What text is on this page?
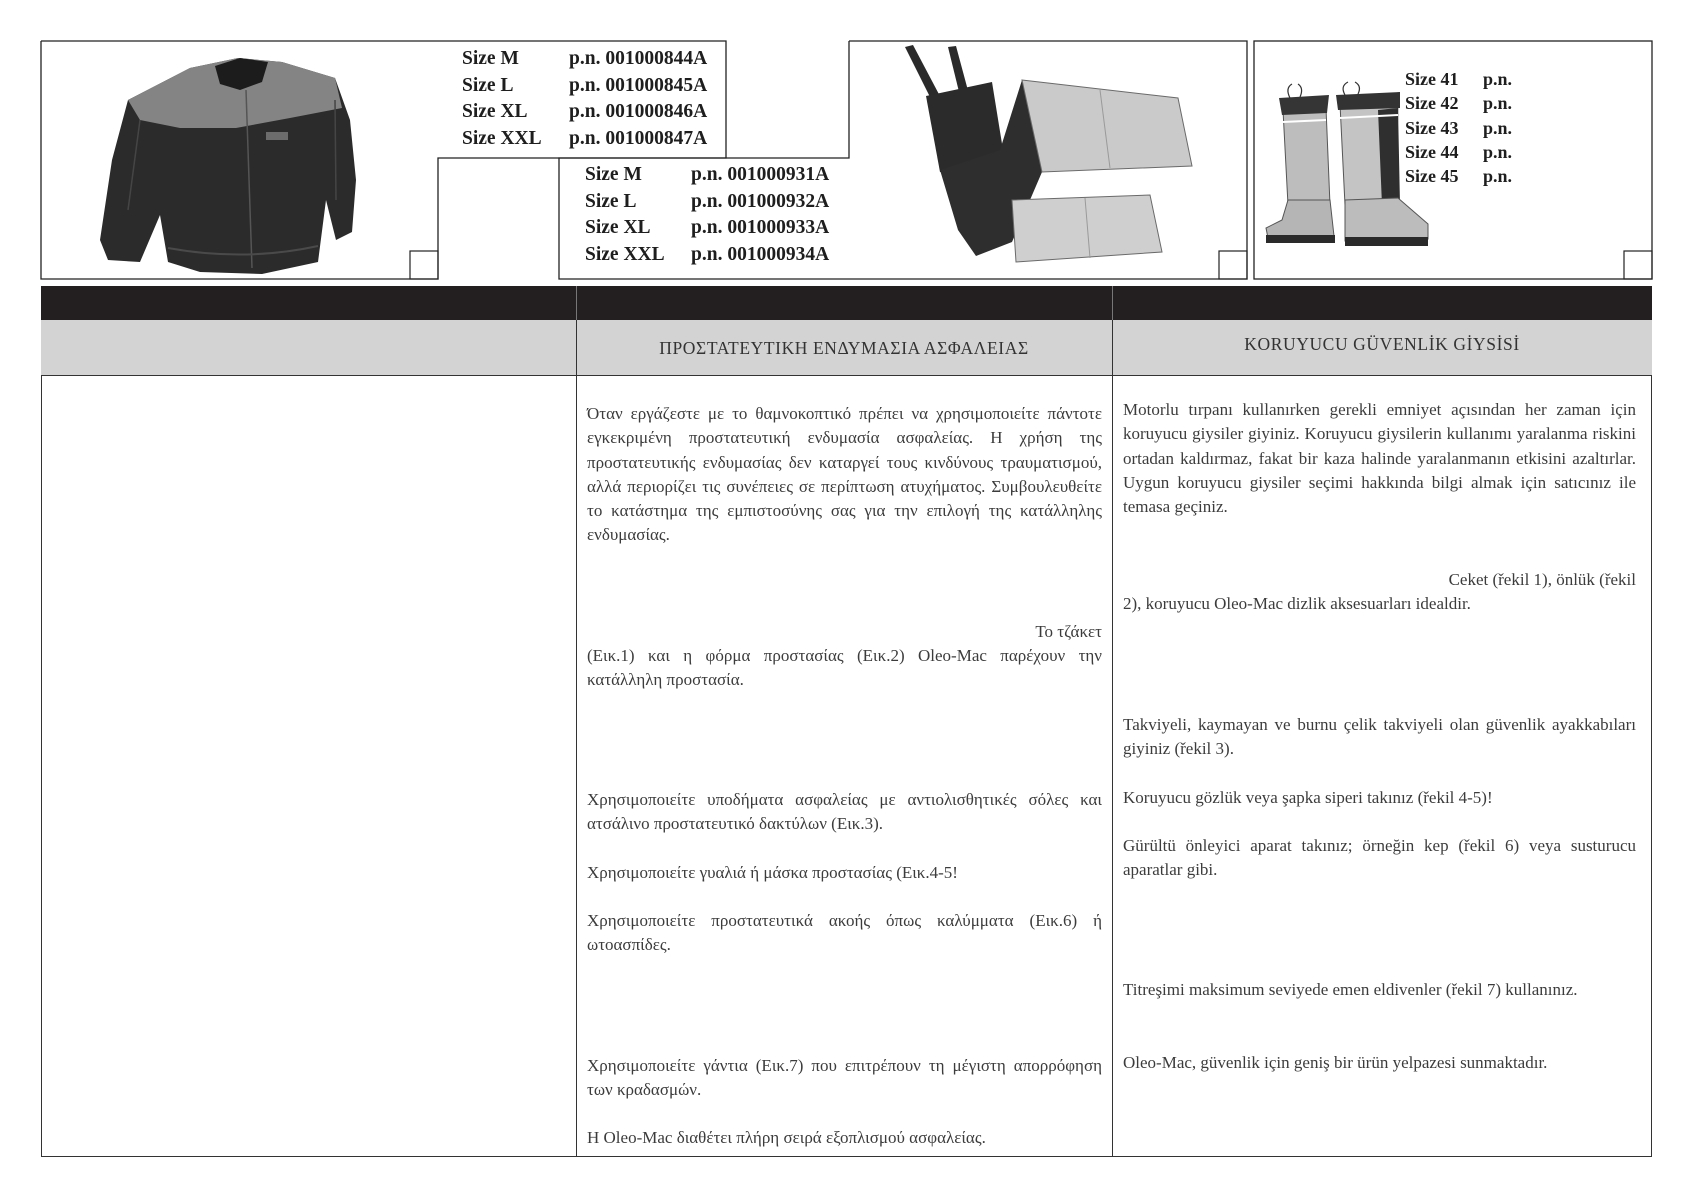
Size M	p.n. 001000844A
Size L	p.n. 001000845A
Size XL	p.n. 001000846A
Size XXL	p.n. 001000847A
Size M	p.n. 001000931A
Size L	p.n. 001000932A
Size XL	p.n. 001000933A
Size XXL	p.n. 001000934A
Size 41	p.n.
Size 42	p.n.
Size 43	p.n.
Size 44	p.n.
Size 45	p.n.
ΠΡΟΣΤΑΤΕΥΤΙΚΗ ΕΝΔΥΜΑΣΙΑ ΑΣΦΑΛΕΙΑΣ	KORUYUCU GÜVENLİK GİYSİSİ
Όταν εργάζεστε με το θαμνοκοπτικό πρέπει να χρησιμοποιείτε πάντοτε εγκεκριμένη προστατευτική ενδυμασία ασφαλείας. Η χρήση της προστατευτικής ενδυμασίας δεν καταργεί τους κινδύνους τραυματισμού, αλλά περιορίζει τις συνέπειες σε περίπτωση ατυχήματος. Συμβουλευθείτε το κατάστημα της εμπιστοσύνης σας για την επιλογή της κατάλληλης ενδυμασίας.
Το τζάκετ
(Εικ.1) και η φόρμα προστασίας (Εικ.2) Oleo-Mac παρέχουν την κατάλληλη προστασία.
Χρησιμοποιείτε υποδήματα ασφαλείας με αντιολισθητικές σόλες και ατσάλινο προστατευτικό δακτύλων (Εικ.3).
Χρησιμοποιείτε γυαλιά ή μάσκα προστασίας (Εικ.4-5!
Χρησιμοποιείτε προστατευτικά ακοής όπως καλύμματα (Εικ.6) ή ωτοασπίδες.
Χρησιμοποιείτε γάντια (Εικ.7) που επιτρέπουν τη μέγιστη απορρόφηση των κραδασμών.
Η Oleo-Mac διαθέτει πλήρη σειρά εξοπλισμού ασφαλείας.
Motorlu tırpanı kullanırken gerekli emniyet açısından her zaman için koruyucu giysiler giyiniz. Koruyucu giysilerin kullanımı yaralanma riskini ortadan kaldırmaz, fakat bir kaza halinde yaralanmanın etkisini azaltırlar. Uygun koruyucu giysiler seçimi hakkında bilgi almak için satıcınız ile temasa geçiniz.
Ceket (řekil 1), önlük (řekil
2), koruyucu Oleo-Mac dizlik aksesuarları idealdir.
Takviyeli, kaymayan ve burnu çelik takviyeli olan güvenlik ayakkabıları giyiniz (řekil 3).
Koruyucu gözlük veya şapka siperi takınız (řekil 4-5)!
Gürültü önleyici aparat takınız; örneğin kep (řekil 6) veya susturucu aparatlar gibi.
Titreşimi maksimum seviyede emen eldivenler (řekil 7) kullanınız.
Oleo-Mac, güvenlik için geniş bir ürün yelpazesi sunmaktadır.
